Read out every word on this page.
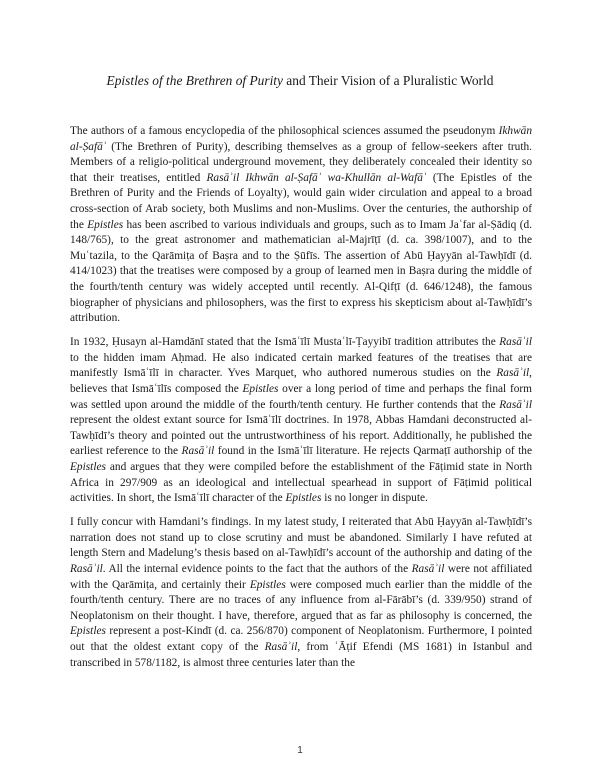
Epistles of the Brethren of Purity and Their Vision of a Pluralistic World

The authors of a famous encyclopedia of the philosophical sciences assumed the pseudonym Ikhwān al-Ṣafāʾ (The Brethren of Purity), describing themselves as a group of fellow-seekers after truth. Members of a religio-political underground movement, they deliberately concealed their identity so that their treatises, entitled Rasāʾil Ikhwān al-Ṣafāʾ wa-Khullān al-Wafāʾ (The Epistles of the Brethren of Purity and the Friends of Loyalty), would gain wider circulation and appeal to a broad cross-section of Arab society, both Muslims and non-Muslims. Over the centuries, the authorship of the Epistles has been ascribed to various individuals and groups, such as to Imam Jaʿfar al-Ṣādiq (d. 148/765), to the great astronomer and mathematician al-Majrīṭī (d. ca. 398/1007), and to the Muʿtazila, to the Qarāmiṭa of Baṣra and to the Ṣūfīs. The assertion of Abū Ḥayyān al-Tawḥīdī (d. 414/1023) that the treatises were composed by a group of learned men in Baṣra during the middle of the fourth/tenth century was widely accepted until recently. Al-Qifṭī (d. 646/1248), the famous biographer of physicians and philosophers, was the first to express his skepticism about al-Tawḥīdī’s attribution.

In 1932, Ḥusayn al-Hamdānī stated that the Ismāʿīlī Mustaʿlī-Ṭayyibī tradition attributes the Rasāʾil to the hidden imam Aḥmad. He also indicated certain marked features of the treatises that are manifestly Ismāʿīlī in character. Yves Marquet, who authored numerous studies on the Rasāʾil, believes that Ismāʿīlīs composed the Epistles over a long period of time and perhaps the final form was settled upon around the middle of the fourth/tenth century. He further contends that the Rasāʾil represent the oldest extant source for Ismāʿīlī doctrines. In 1978, Abbas Hamdani deconstructed al-Tawḥīdī’s theory and pointed out the untrustworthiness of his report. Additionally, he published the earliest reference to the Rasāʾil found in the Ismāʿīlī literature. He rejects Qarmaṭī authorship of the Epistles and argues that they were compiled before the establishment of the Fāṭimid state in North Africa in 297/909 as an ideological and intellectual spearhead in support of Fāṭimid political activities. In short, the Ismāʿīlī character of the Epistles is no longer in dispute.

I fully concur with Hamdani’s findings. In my latest study, I reiterated that Abū Ḥayyān al-Tawḥīdī’s narration does not stand up to close scrutiny and must be abandoned. Similarly I have refuted at length Stern and Madelung’s thesis based on al-Tawḥīdī’s account of the authorship and dating of the Rasāʾil. All the internal evidence points to the fact that the authors of the Rasāʾil were not affiliated with the Qarāmiṭa, and certainly their Epistles were composed much earlier than the middle of the fourth/tenth century. There are no traces of any influence from al-Fārābī’s (d. 339/950) strand of Neoplatonism on their thought. I have, therefore, argued that as far as philosophy is concerned, the Epistles represent a post-Kindī (d. ca. 256/870) component of Neoplatonism. Furthermore, I pointed out that the oldest extant copy of the Rasāʾil, from ʿĀṭif Efendi (MS 1681) in Istanbul and transcribed in 578/1182, is almost three centuries later than the

1
